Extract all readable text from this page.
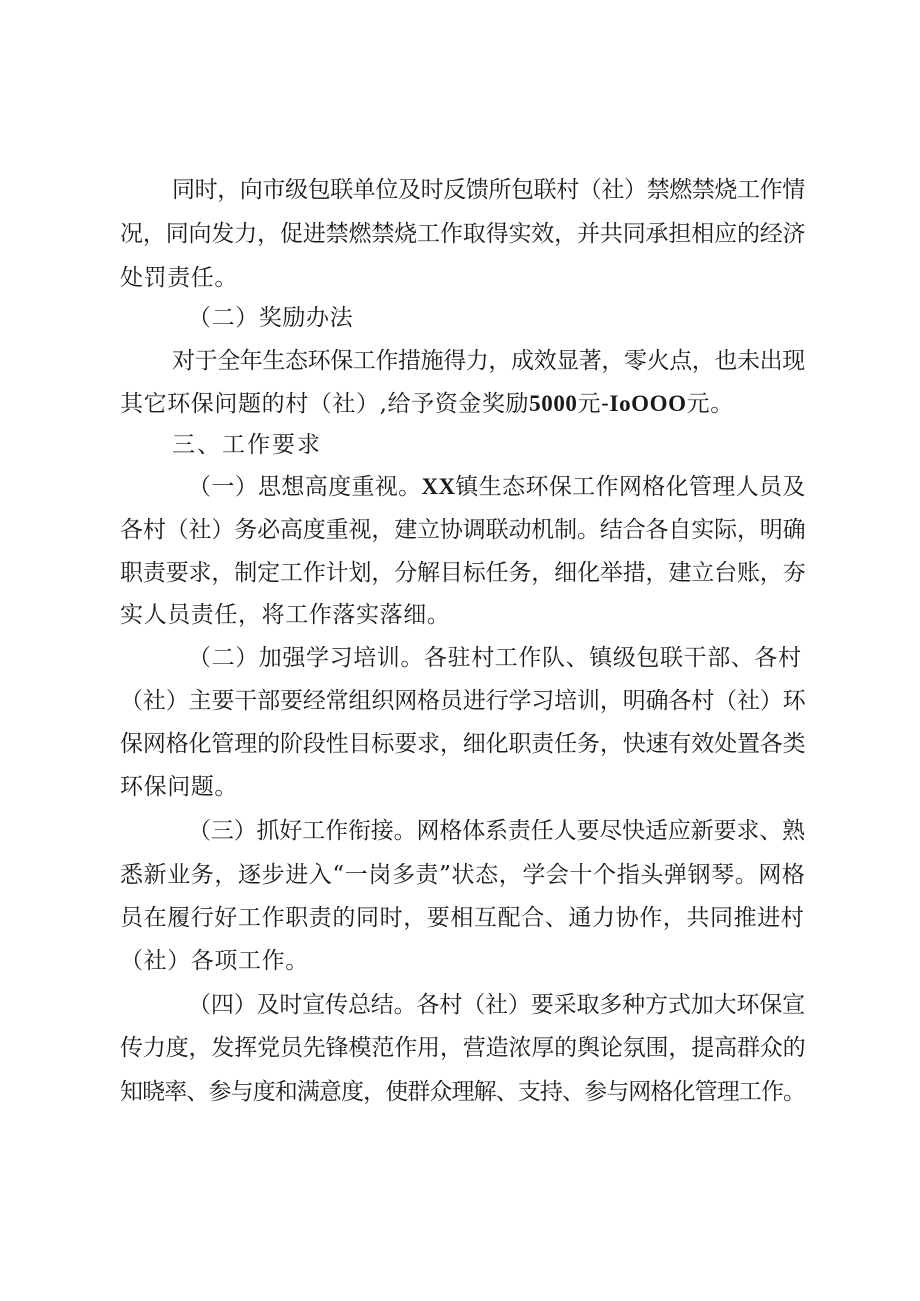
同时，向市级包联单位及时反馈所包联村（社）禁燃禁烧工作情
况，同向发力，促进禁燃禁烧工作取得实效，并共同承担相应的经济
处罚责任。
（二）奖励办法
对于全年生态环保工作措施得力，成效显著，零火点，也未出现
其它环保问题的村（社）,给予资金奖励5000元-IoOOO元。
三、工作要求
（一）思想高度重视。XX镇生态环保工作网格化管理人员及
各村（社）务必高度重视，建立协调联动机制。结合各自实际，明确
职责要求，制定工作计划，分解目标任务，细化举措，建立台账，夯
实人员责任，将工作落实落细。
（二）加强学习培训。各驻村工作队、镇级包联干部、各村
（社）主要干部要经常组织网格员进行学习培训，明确各村（社）环
保网格化管理的阶段性目标要求，细化职责任务，快速有效处置各类
环保问题。
（三）抓好工作衔接。网格体系责任人要尽快适应新要求、熟
悉新业务，逐步进入“一岗多责”状态，学会十个指头弹钢琴。网格
员在履行好工作职责的同时，要相互配合、通力协作，共同推进村
（社）各项工作。
（四）及时宣传总结。各村（社）要采取多种方式加大环保宣
传力度，发挥党员先锋模范作用，营造浓厚的舆论氛围，提高群众的
知晓率、参与度和满意度，使群众理解、支持、参与网格化管理工作。
